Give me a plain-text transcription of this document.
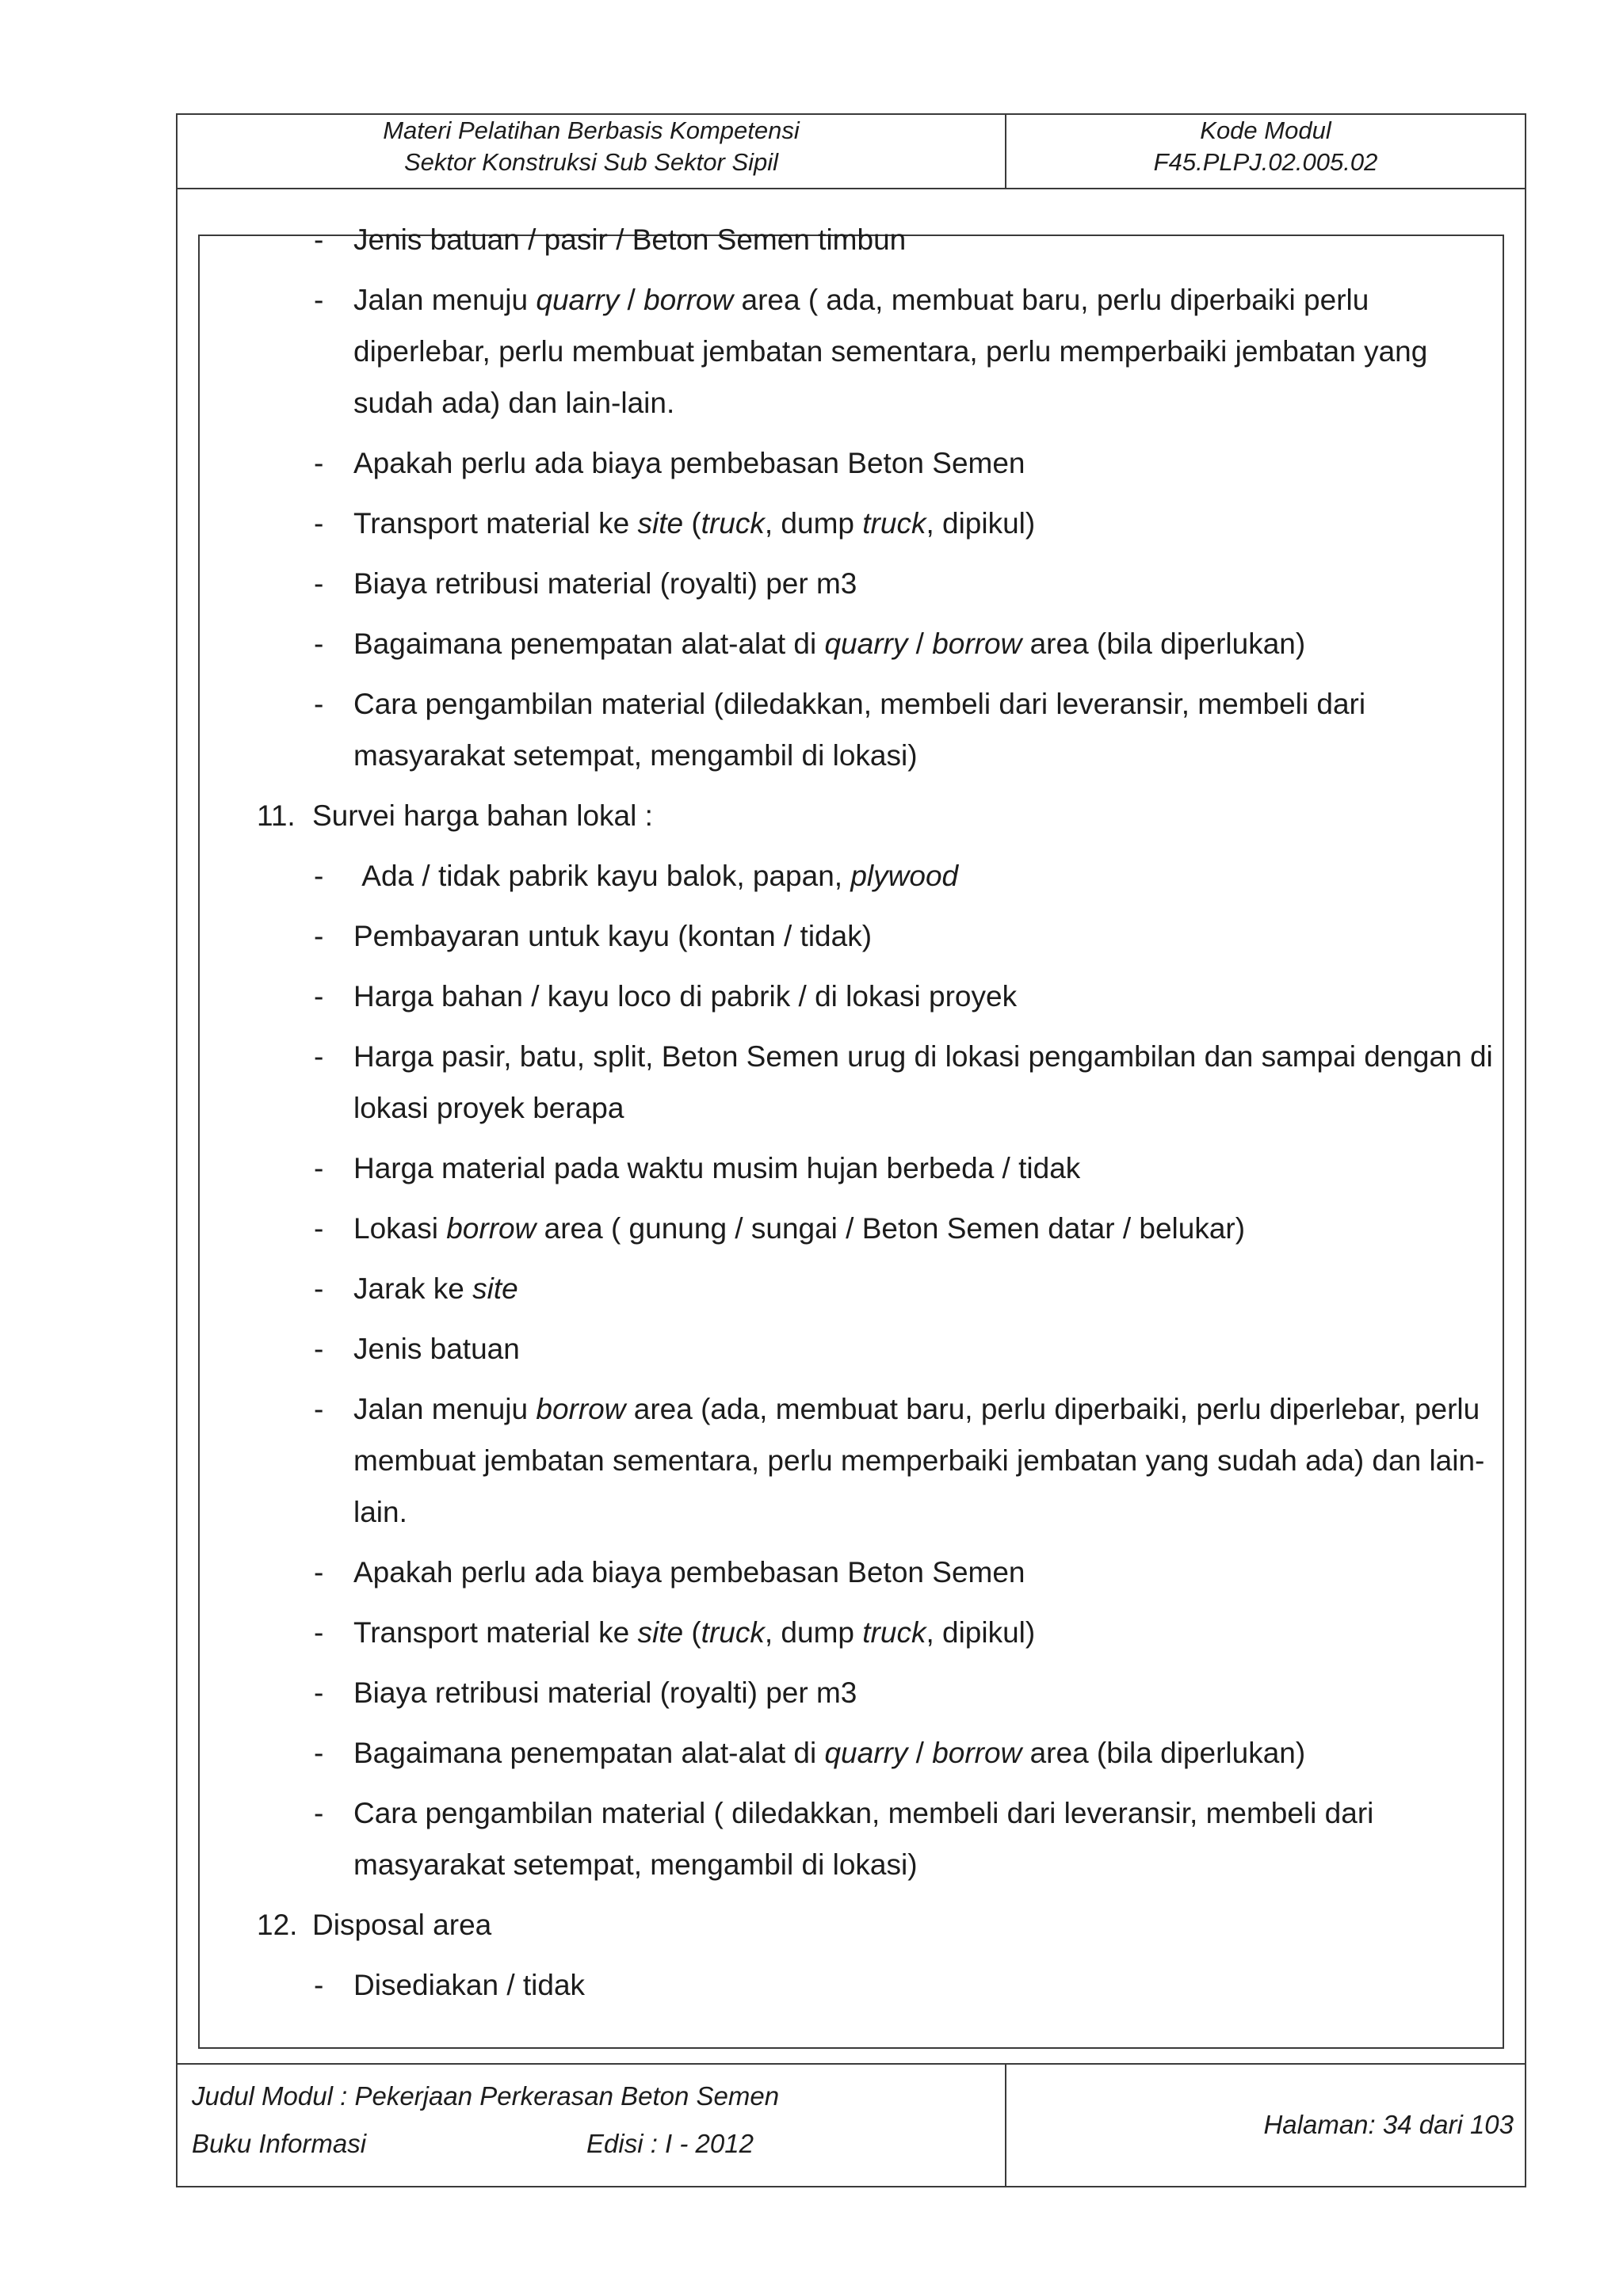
Materi Pelatihan Berbasis Kompetensi
Sektor Konstruksi Sub Sektor Sipil
Kode Modul
F45.PLPJ.02.005.02
- Jenis batuan / pasir / Beton Semen timbun
- Jalan menuju quarry / borrow area ( ada, membuat baru, perlu diperbaiki perlu diperlebar, perlu membuat jembatan sementara, perlu memperbaiki jembatan yang sudah ada) dan lain-lain.
- Apakah perlu ada biaya pembebasan Beton Semen
- Transport material ke site (truck, dump truck, dipikul)
- Biaya retribusi material (royalti) per m3
- Bagaimana penempatan alat-alat di quarry / borrow area (bila diperlukan)
- Cara pengambilan material (diledakkan, membeli dari leveransir, membeli dari masyarakat setempat, mengambil di lokasi)
11. Survei harga bahan lokal :
- Ada / tidak pabrik kayu balok, papan, plywood
- Pembayaran untuk kayu (kontan / tidak)
- Harga bahan / kayu loco di pabrik / di lokasi proyek
- Harga pasir, batu, split, Beton Semen urug di lokasi pengambilan dan sampai dengan di lokasi proyek berapa
- Harga material pada waktu musim hujan berbeda / tidak
- Lokasi borrow area ( gunung / sungai / Beton Semen datar / belukar)
- Jarak ke site
- Jenis batuan
- Jalan menuju borrow area (ada, membuat baru, perlu diperbaiki, perlu diperlebar, perlu membuat jembatan sementara, perlu memperbaiki jembatan yang sudah ada) dan lain-lain.
- Apakah perlu ada biaya pembebasan Beton Semen
- Transport material ke site (truck, dump truck, dipikul)
- Biaya retribusi material (royalti) per m3
- Bagaimana penempatan alat-alat di quarry / borrow area (bila diperlukan)
- Cara pengambilan material ( diledakkan, membeli dari leveransir, membeli dari masyarakat setempat, mengambil di lokasi)
12. Disposal area
- Disediakan / tidak
Judul Modul : Pekerjaan Perkerasan Beton Semen
Buku Informasi	Edisi : I - 2012
Halaman: 34 dari 103
